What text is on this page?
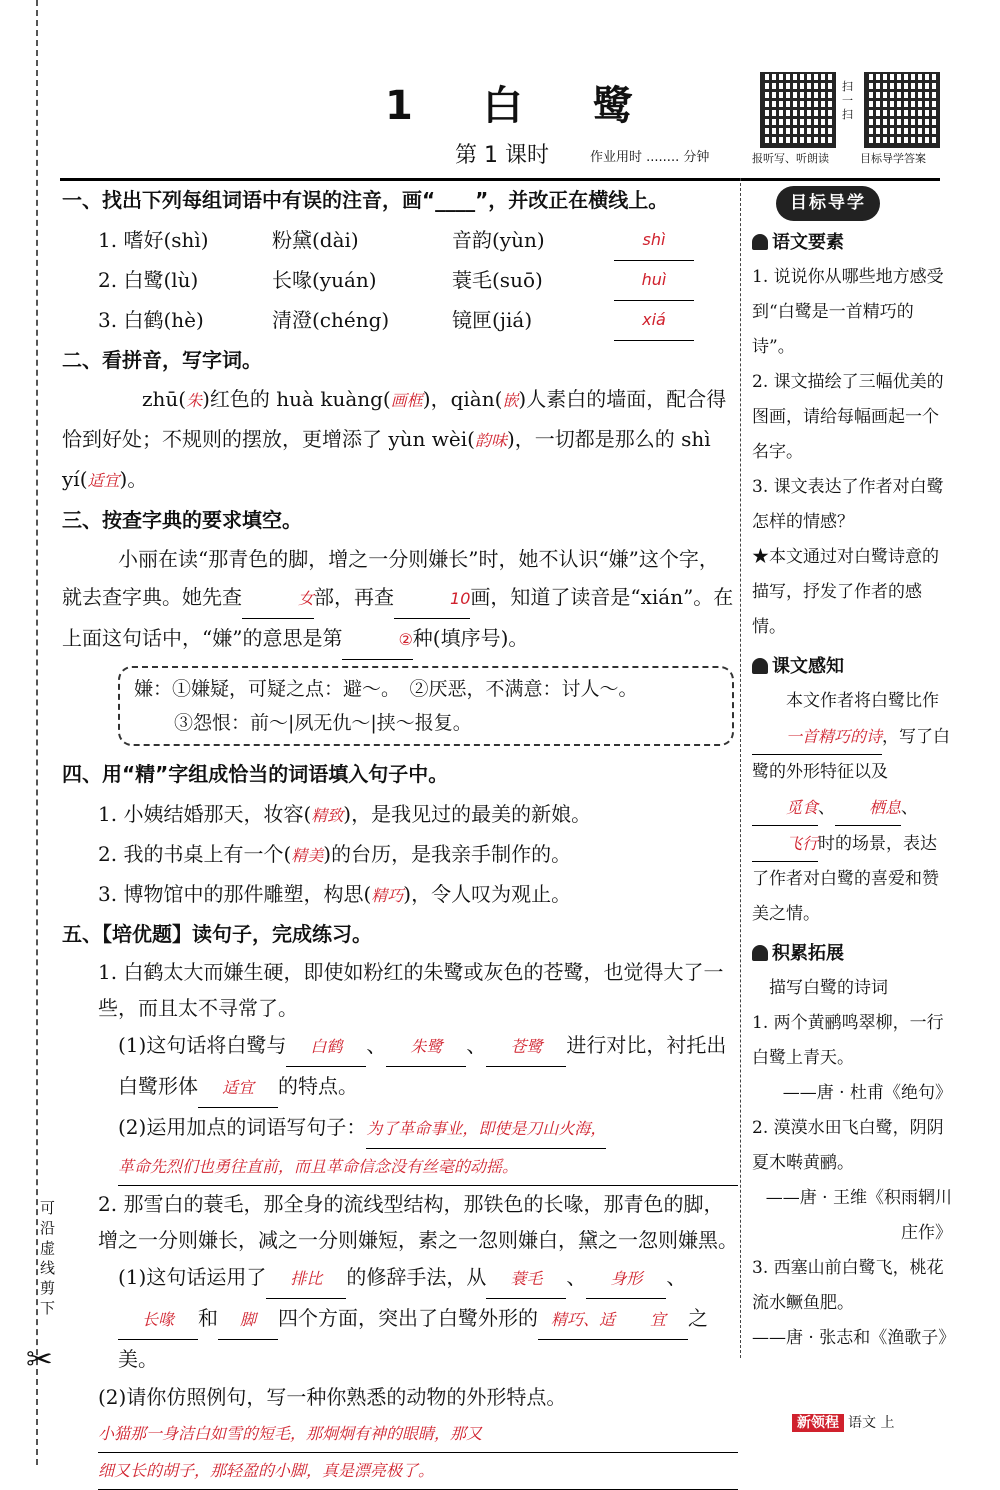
可沿虚线剪下
✂
1 白 鹭
第 1 课时	作业用时 ........ 分钟	报听写、听朗读
扫一扫
目标导学答案
一、找出下列每组词语中有误的注音，画“____”，并改正在横线上。
1. 嗜好(shì)	粉黛(dài)	音韵(yùn)	shì
2. 白鹭(lù)	长喙(yuán)	蓑毛(suō)	huì
3. 白鹤(hè)	清澄(chéng)	镜匣(jiá)	xiá
二、看拼音，写字词。
zhū(朱)红色的 huà kuàng(画框)，qiàn(嵌)人素白的墙面，配合得恰到好处；不规则的摆放，更增添了 yùn wèi(韵味)，一切都是那么的 shì yí(适宜)。
三、按查字典的要求填空。
小丽在读“那青色的脚，增之一分则嫌长”时，她不认识“嫌”这个字，就去查字典。她先查	女部，再查	10画，知道了读音是“xián”。在上面这句话中，“嫌”的意思是第	②种(填序号)。
嫌：①嫌疑，可疑之点：避～。　②厌恶，不满意：讨人～。
③怨恨：前～|夙无仇～|挟～报复。
四、用“精”字组成恰当的词语填入句子中。
1. 小姨结婚那天，妆容(精致)，是我见过的最美的新娘。
2. 我的书桌上有一个(精美)的台历，是我亲手制作的。
3. 博物馆中的那件雕塑，构思(精巧)，令人叹为观止。
五、【培优题】读句子，完成练习。
1. 白鹤太大而嫌生硬，即使如粉红的朱鹭或灰色的苍鹭，也觉得大了一些，而且太不寻常了。
(1)这句话将白鹭与 白鹤 、 朱鹭 、 苍鹭 进行对比，衬托出白鹭形体 适宜 的特点。
(2)运用加点的词语写句子：为了革命事业，即使是刀山火海，
革命先烈们也勇往直前，而且革命信念没有丝毫的动摇。
2. 那雪白的蓑毛，那全身的流线型结构，那铁色的长喙，那青色的脚，增之一分则嫌长，减之一分则嫌短，素之一忽则嫌白，黛之一忽则嫌黑。
(1)这句话运用了 排比 的修辞手法，从 蓑毛 、 身形 、长喙 和 脚 四个方面，突出了白鹭外形的 精巧、适 宜 之美。
(2)请你仿照例句，写一种你熟悉的动物的外形特点。
小猫那一身洁白如雪的短毛，那炯炯有神的眼睛，那又
细又长的胡子，那轻盈的小脚，真是漂亮极了。
目标导学
语文要素
1. 说说你从哪些地方感受到“白鹭是一首精巧的诗”。
2. 课文描绘了三幅优美的图画，请给每幅画起一个名字。
3. 课文表达了作者对白鹭怎样的情感？
★本文通过对白鹭诗意的描写，抒发了作者的感情。
课文感知
本文作者将白鹭比作一首精巧的诗，写了白鹭的外形特征以及觅食、 栖息、飞行时的场景，表达了作者对白鹭的喜爱和赞美之情。
积累拓展
描写白鹭的诗词
1. 两个黄鹂鸣翠柳，一行白鹭上青天。
——唐 · 杜甫《绝句》
2. 漠漠水田飞白鹭，阴阴夏木啭黄鹂。
——唐 · 王维《积雨辋川庄作》
3. 西塞山前白鹭飞，桃花流水鳜鱼肥。
——唐 · 张志和《渔歌子》
新领程 语文 上
